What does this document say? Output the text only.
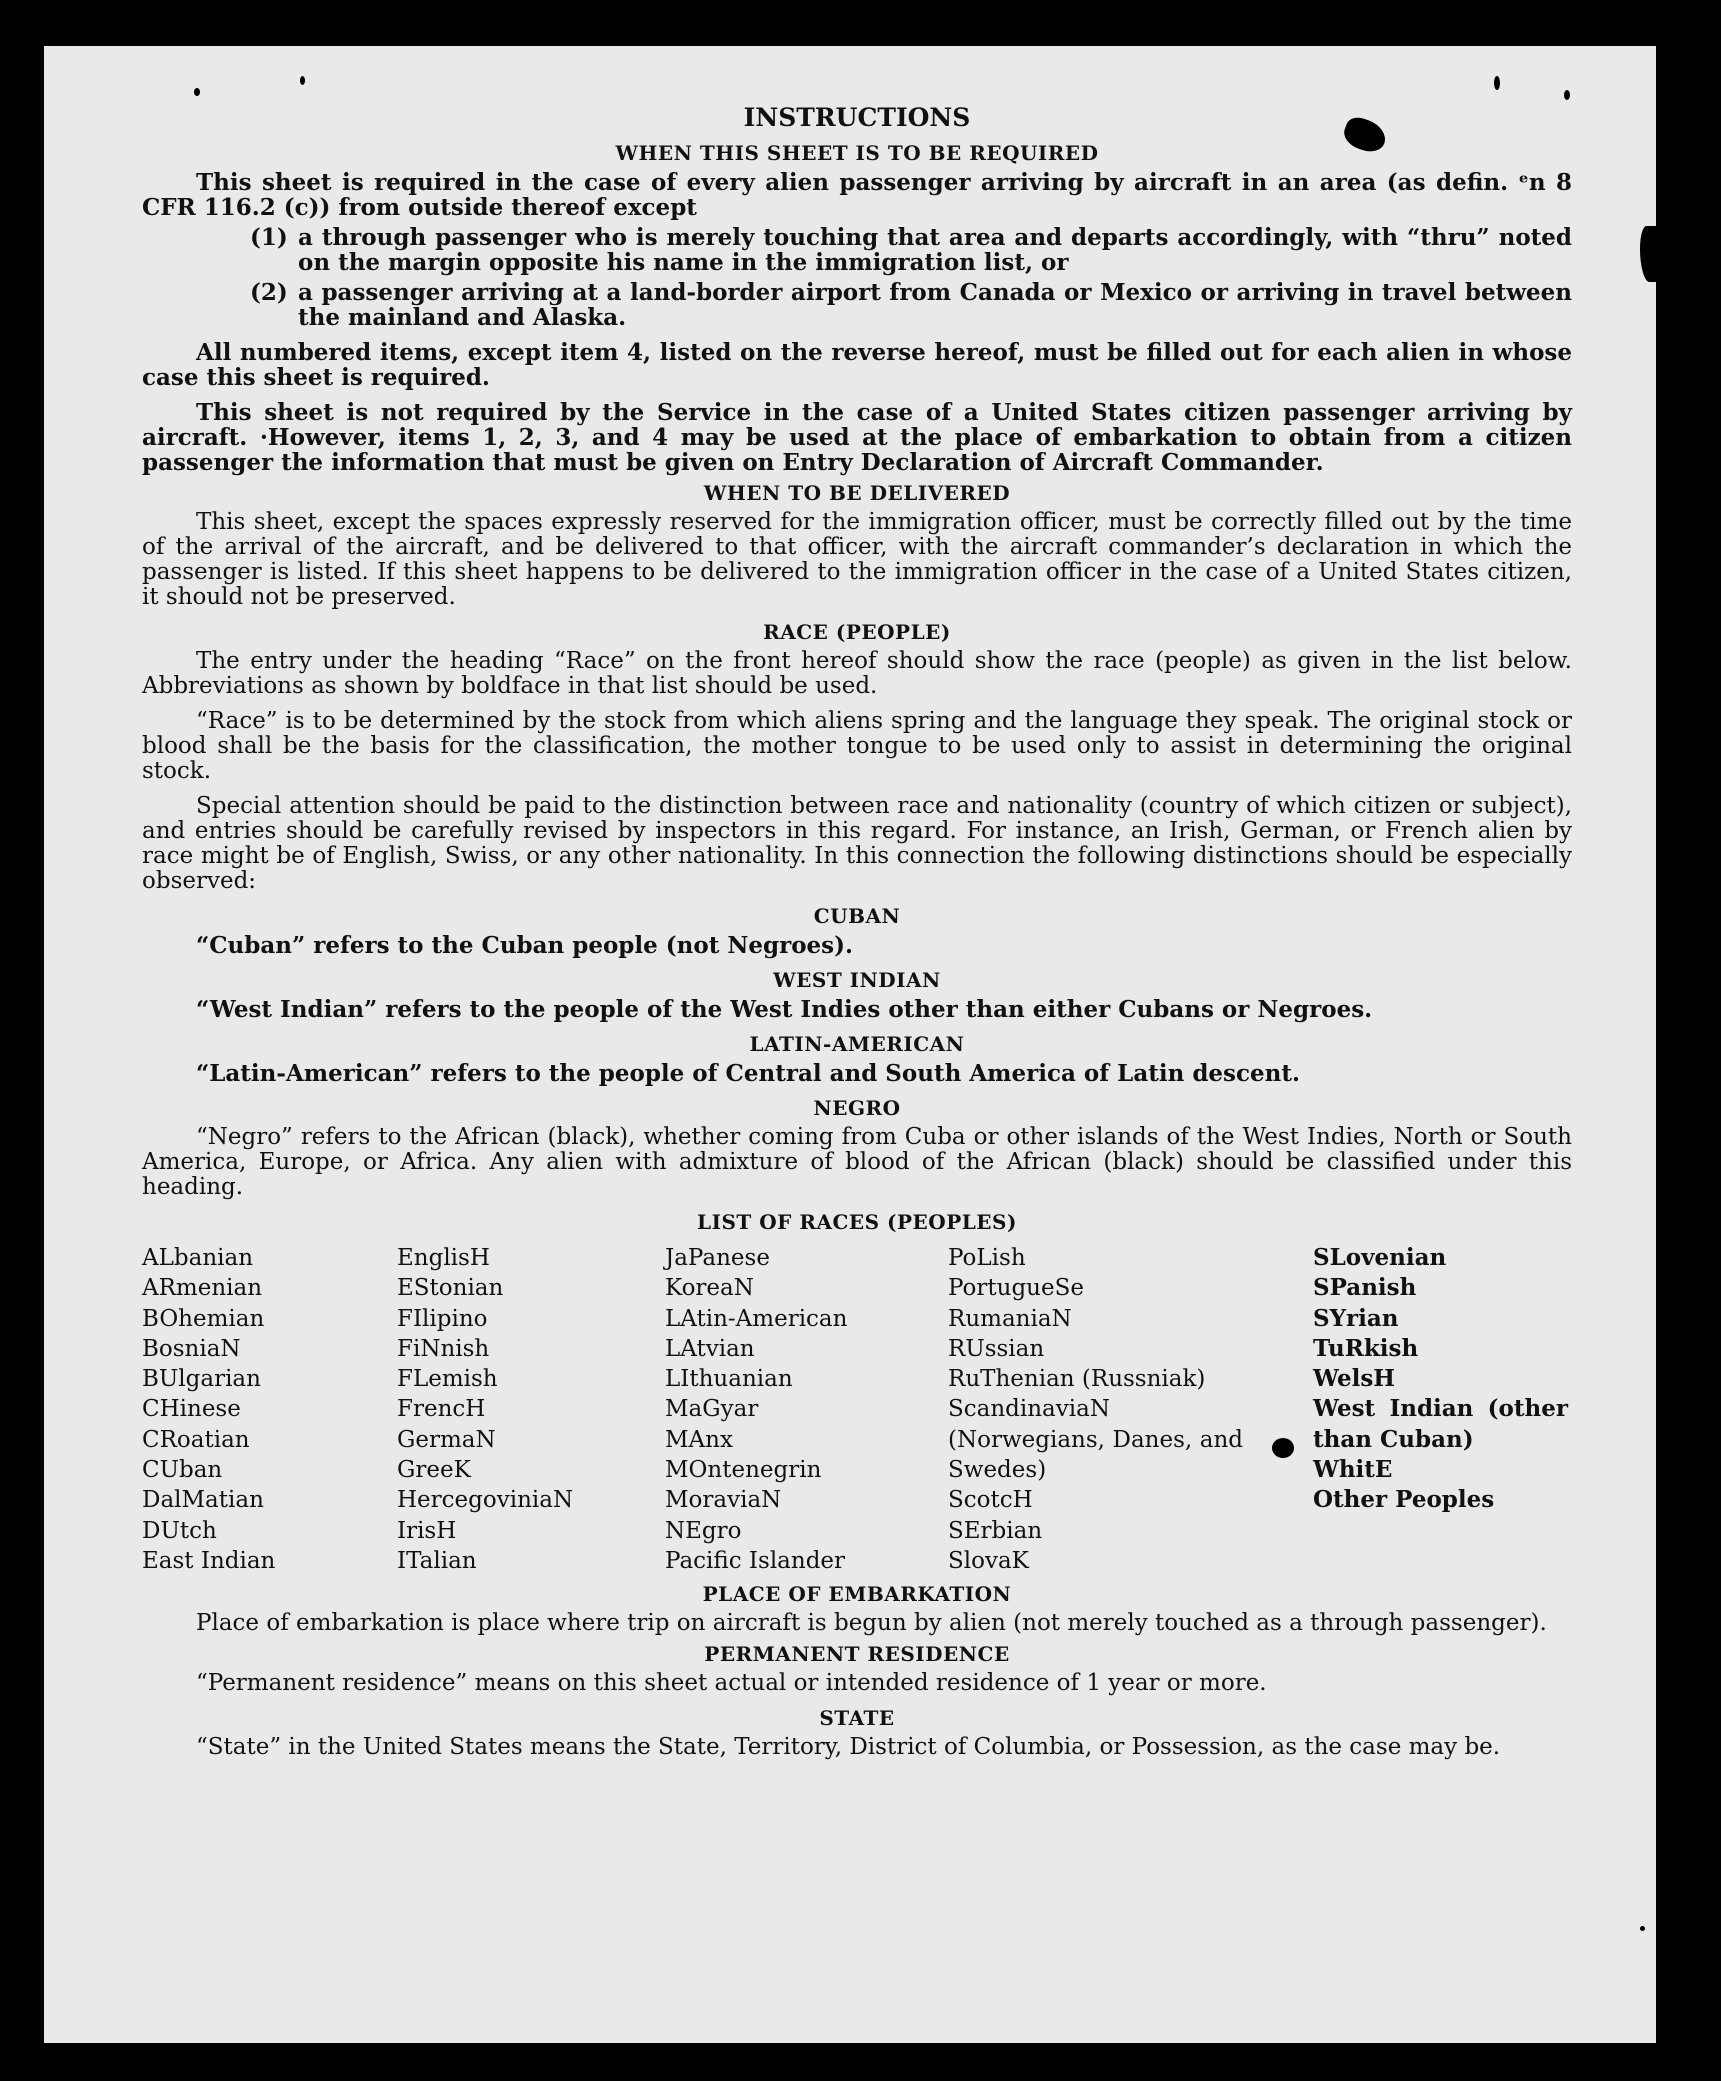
INSTRUCTIONS
WHEN THIS SHEET IS TO BE REQUIRED

This sheet is required in the case of every alien passenger arriving by aircraft in an area (as defin. ᵉn 8 CFR 116.2 (c)) from outside thereof except

(1) a through passenger who is merely touching that area and departs accordingly, with “thru” noted on the margin opposite his name in the immigration list, or
(2) a passenger arriving at a land-border airport from Canada or Mexico or arriving in travel between the mainland and Alaska.

All numbered items, except item 4, listed on the reverse hereof, must be filled out for each alien in whose case this sheet is required.

This sheet is not required by the Service in the case of a United States citizen passenger arriving by aircraft. ·However, items 1, 2, 3, and 4 may be used at the place of embarkation to obtain from a citizen passenger the information that must be given on Entry Declaration of Aircraft Commander.

WHEN TO BE DELIVERED

This sheet, except the spaces expressly reserved for the immigration officer, must be correctly filled out by the time of the arrival of the aircraft, and be delivered to that officer, with the aircraft commander’s declaration in which the passenger is listed. If this sheet happens to be delivered to the immigration officer in the case of a United States citizen, it should not be preserved.

RACE (PEOPLE)

The entry under the heading “Race” on the front hereof should show the race (people) as given in the list below. Abbreviations as shown by boldface in that list should be used.

“Race” is to be determined by the stock from which aliens spring and the language they speak. The original stock or blood shall be the basis for the classification, the mother tongue to be used only to assist in determining the original stock.

Special attention should be paid to the distinction between race and nationality (country of which citizen or subject), and entries should be carefully revised by inspectors in this regard. For instance, an Irish, German, or French alien by race might be of English, Swiss, or any other nationality. In this connection the following distinctions should be especially observed:

CUBAN

“Cuban” refers to the Cuban people (not Negroes).

WEST INDIAN

“West Indian” refers to the people of the West Indies other than either Cubans or Negroes.

LATIN-AMERICAN

“Latin-American” refers to the people of Central and South America of Latin descent.

NEGRO

“Negro” refers to the African (black), whether coming from Cuba or other islands of the West Indies, North or South America, Europe, or Africa. Any alien with admixture of blood of the African (black) should be classified under this heading.

LIST OF RACES (PEOPLES)
ALbanian
ARmenian
BOhemian
BosniaN
BUlgarian
CHinese
CRoatian
CUban
DalMatian
DUtch
East Indian
EnglisH
EStonian
FIlipino
FiNnish
FLemish
FrencH
GermaN
GreeK
HercegoviniaN
IrisH
ITalian
JaPanese
KoreaN
LAtin-American
LAtvian
LIthuanian
MaGyar
MAnx
MOntenegrin
MoraviaN
NEgro
Pacific Islander
PoLish
PortugueSe
RumaniaN
RUssian
RuThenian (Russniak)
ScandinaviaN (Norwegians, Danes, and Swedes)
ScotcH
SErbian
SlovaK
SLovenian
SPanish
SYrian
TuRkish
WelsH
West Indian (other than Cuban)
WhitE
Other Peoples
PLACE OF EMBARKATION

Place of embarkation is place where trip on aircraft is begun by alien (not merely touched as a through passenger).

PERMANENT RESIDENCE

“Permanent residence” means on this sheet actual or intended residence of 1 year or more.

STATE

“State” in the United States means the State, Territory, District of Columbia, or Possession, as the case may be.
